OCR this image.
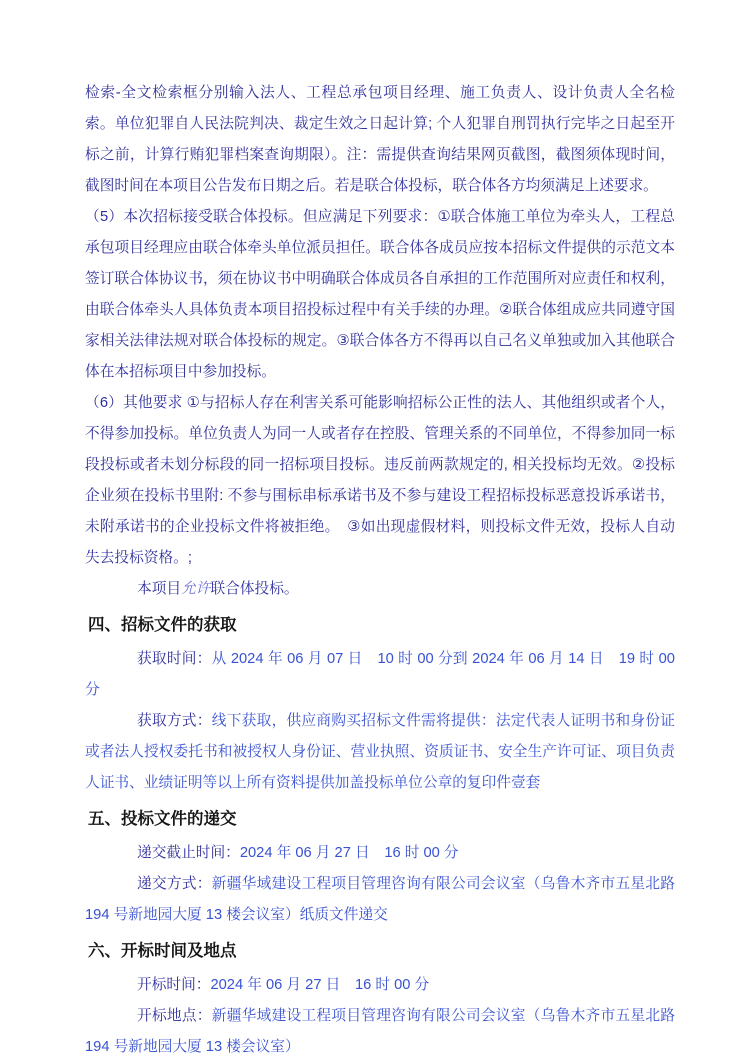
检索-全文检索框分别输入法人、工程总承包项目经理、施工负责人、设计负责人全名检索。单位犯罪自人民法院判决、裁定生效之日起计算; 个人犯罪自刑罚执行完毕之日起至开标之前，计算行贿犯罪档案查询期限）。注：需提供查询结果网页截图，截图须体现时间，截图时间在本项目公告发布日期之后。若是联合体投标，联合体各方均须满足上述要求。

（5）本次招标接受联合体投标。但应满足下列要求：①联合体施工单位为牵头人，工程总承包项目经理应由联合体牵头单位派员担任。联合体各成员应按本招标文件提供的示范文本签订联合体协议书，须在协议书中明确联合体成员各自承担的工作范围所对应责任和权利，由联合体牵头人具体负责本项目招投标过程中有关手续的办理。②联合体组成应共同遵守国家相关法律法规对联合体投标的规定。③联合体各方不得再以自己名义单独或加入其他联合体在本招标项目中参加投标。

（6）其他要求 ①与招标人存在利害关系可能影响招标公正性的法人、其他组织或者个人，不得参加投标。单位负责人为同一人或者存在控股、管理关系的不同单位，不得参加同一标段投标或者未划分标段的同一招标项目投标。违反前两款规定的, 相关投标均无效。②投标企业须在投标书里附: 不参与围标串标承诺书及不参与建设工程招标投标恶意投诉承诺书，未附承诺书的企业投标文件将被拒绝。　③如出现虚假材料，则投标文件无效，投标人自动失去投标资格。;

本项目允许联合体投标。

四、招标文件的获取

获取时间：从 2024 年 06 月 07 日　10 时 00 分到 2024 年 06 月 14 日　19 时 00 分

获取方式：线下获取，供应商购买招标文件需将提供：法定代表人证明书和身份证或者法人授权委托书和被授权人身份证、营业执照、资质证书、安全生产许可证、项目负责人证书、业绩证明等以上所有资料提供加盖投标单位公章的复印件壹套

五、投标文件的递交

递交截止时间：2024 年 06 月 27 日　16 时 00 分

递交方式：新疆华域建设工程项目管理咨询有限公司会议室（乌鲁木齐市五星北路 194 号新地园大厦 13 楼会议室）纸质文件递交

六、开标时间及地点

开标时间：2024 年 06 月 27 日　16 时 00 分

开标地点：新疆华域建设工程项目管理咨询有限公司会议室（乌鲁木齐市五星北路 194 号新地园大厦 13 楼会议室）
